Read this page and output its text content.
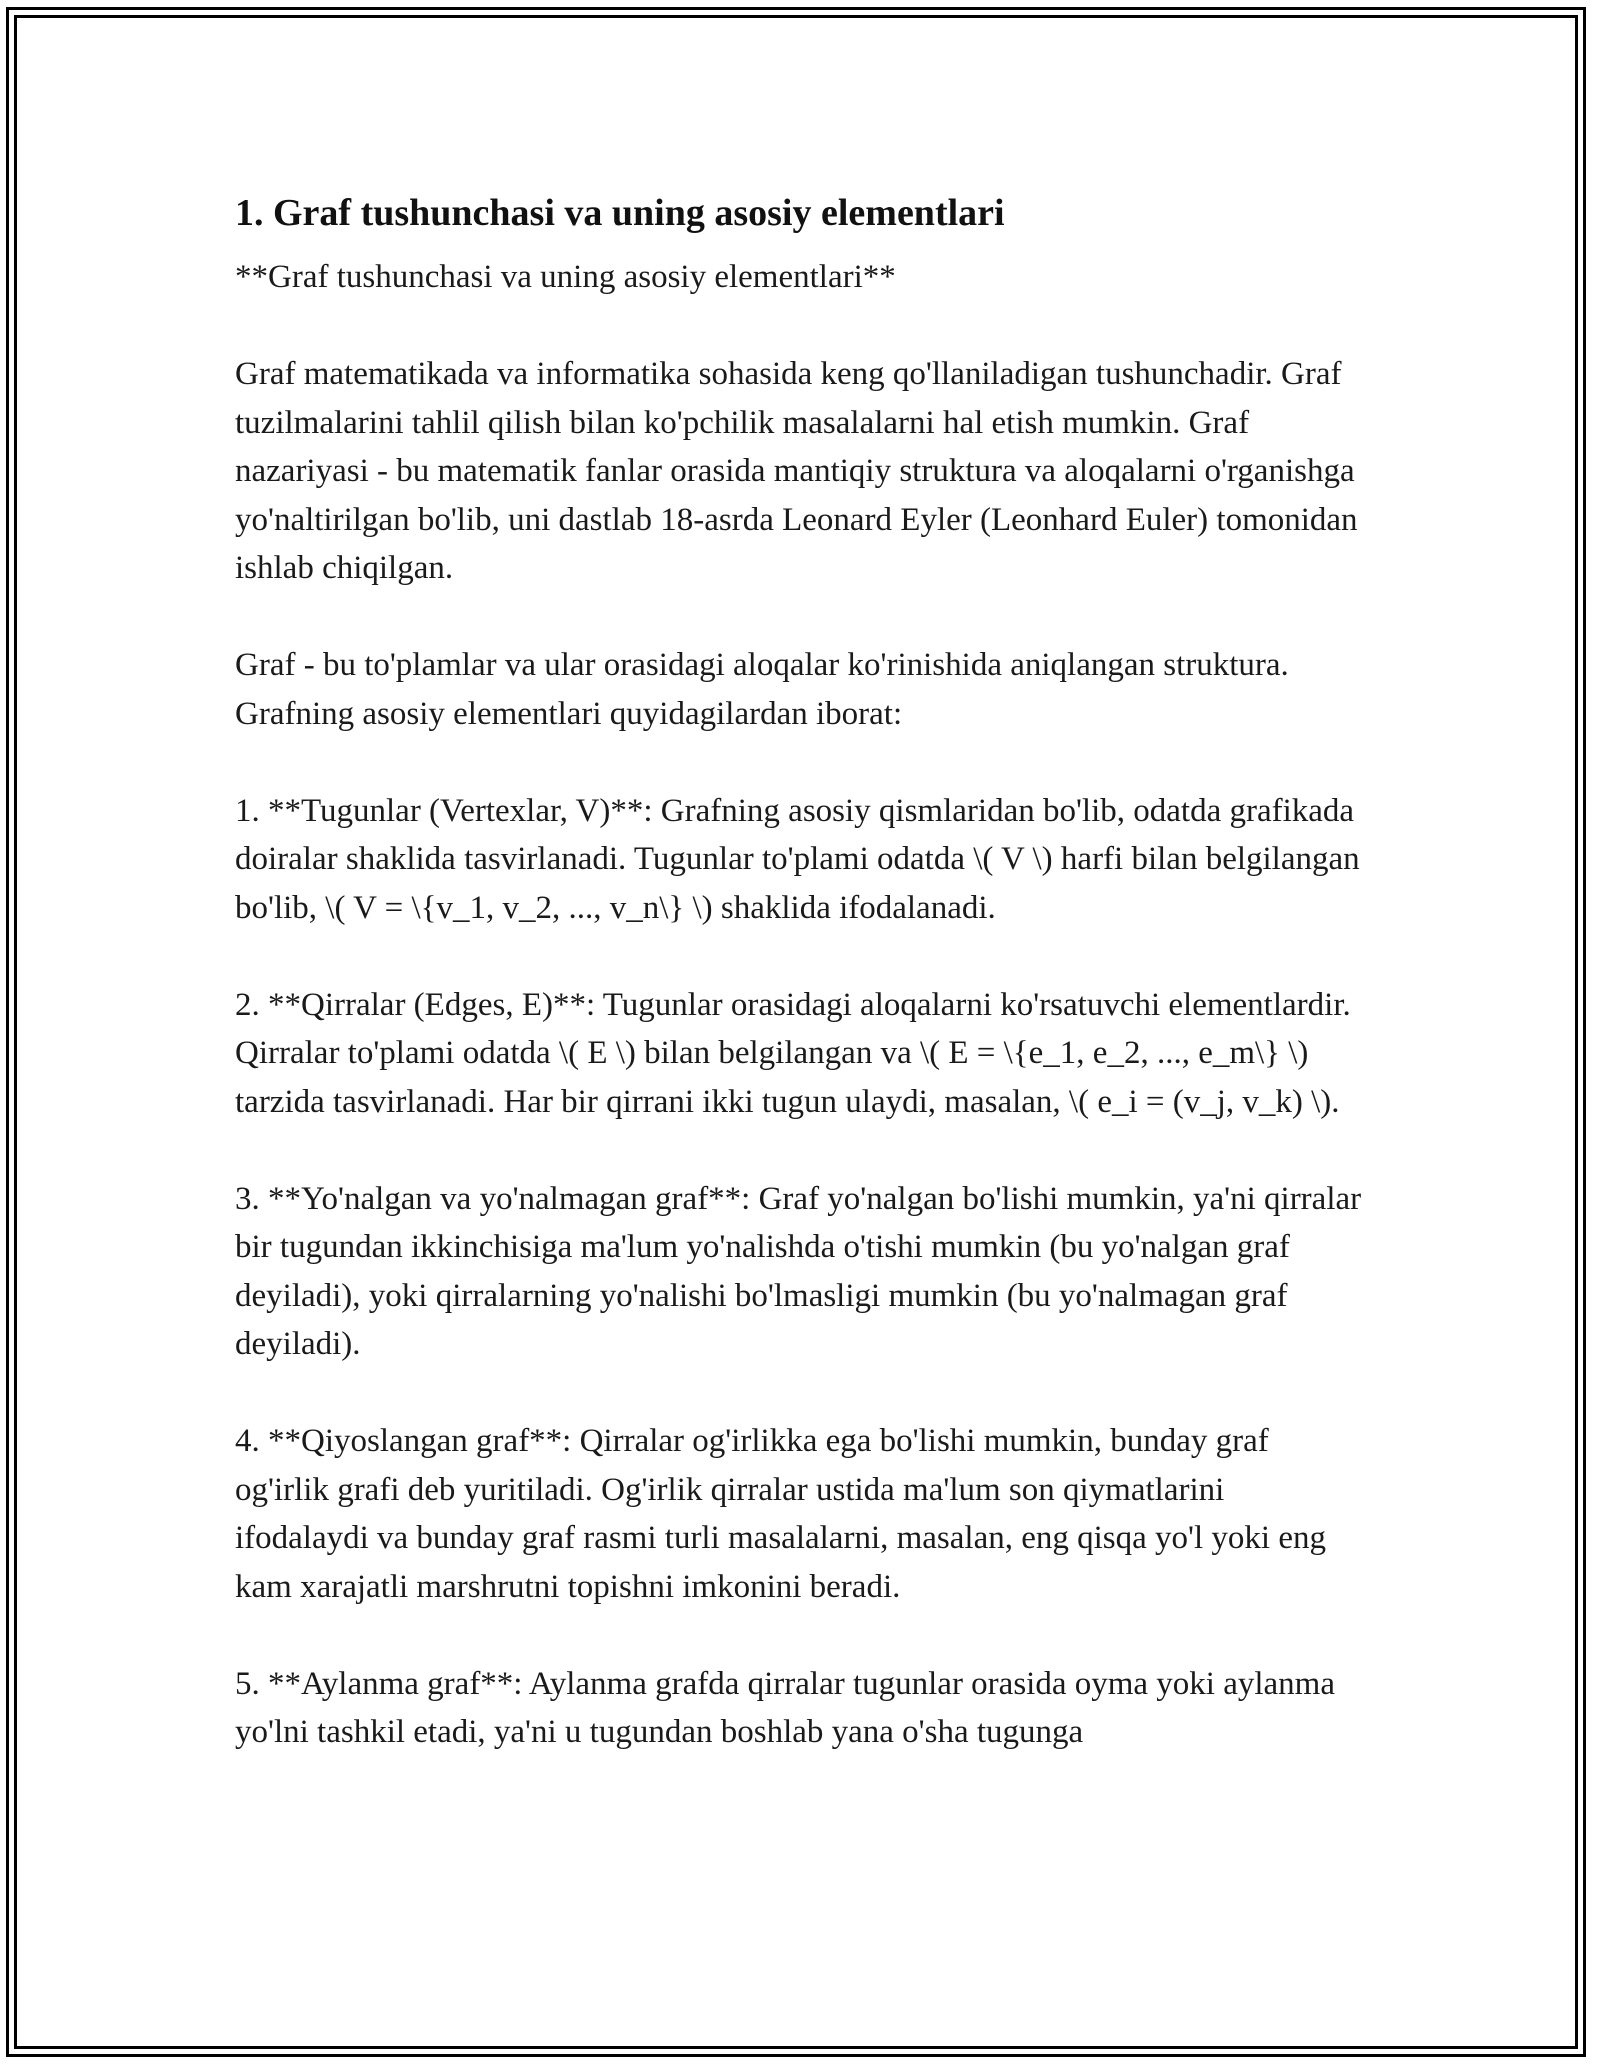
1. Graf tushunchasi va uning asosiy elementlari

**Graf tushunchasi va uning asosiy elementlari**

Graf matematikada va informatika sohasida keng qo'llaniladigan tushunchadir. Graf tuzilmalarini tahlil qilish bilan ko'pchilik masalalarni hal etish mumkin. Graf nazariyasi - bu matematik fanlar orasida mantiqiy struktura va aloqalarni o'rganishga yo'naltirilgan bo'lib, uni dastlab 18-asrda Leonard Eyler (Leonhard Euler) tomonidan ishlab chiqilgan.

Graf - bu to'plamlar va ular orasidagi aloqalar ko'rinishida aniqlangan struktura. Grafning asosiy elementlari quyidagilardan iborat:

1. **Tugunlar (Vertexlar, V)**: Grafning asosiy qismlaridan bo'lib, odatda grafikada doiralar shaklida tasvirlanadi. Tugunlar to'plami odatda \( V \) harfi bilan belgilangan bo'lib, \( V = \{v_1, v_2, ..., v_n\} \) shaklida ifodalanadi.

2. **Qirralar (Edges, E)**: Tugunlar orasidagi aloqalarni ko'rsatuvchi elementlardir. Qirralar to'plami odatda \( E \) bilan belgilangan va \( E = \{e_1, e_2, ..., e_m\} \) tarzida tasvirlanadi. Har bir qirrani ikki tugun ulaydi, masalan, \( e_i = (v_j, v_k) \).

3. **Yo'nalgan va yo'nalmagan graf**: Graf yo'nalgan bo'lishi mumkin, ya'ni qirralar bir tugundan ikkinchisiga ma'lum yo'nalishda o'tishi mumkin (bu yo'nalgan graf deyiladi), yoki qirralarning yo'nalishi bo'lmasligi mumkin (bu yo'nalmagan graf deyiladi).

4. **Qiyoslangan graf**: Qirralar og'irlikka ega bo'lishi mumkin, bunday graf og'irlik grafi deb yuritiladi. Og'irlik qirralar ustida ma'lum son qiymatlarini ifodalaydi va bunday graf rasmi turli masalalarni, masalan, eng qisqa yo'l yoki eng kam xarajatli marshrutni topishni imkonini beradi.

5. **Aylanma graf**: Aylanma grafda qirralar tugunlar orasida oyma yoki aylanma yo'lni tashkil etadi, ya'ni u tugundan boshlab yana o'sha tugunga
